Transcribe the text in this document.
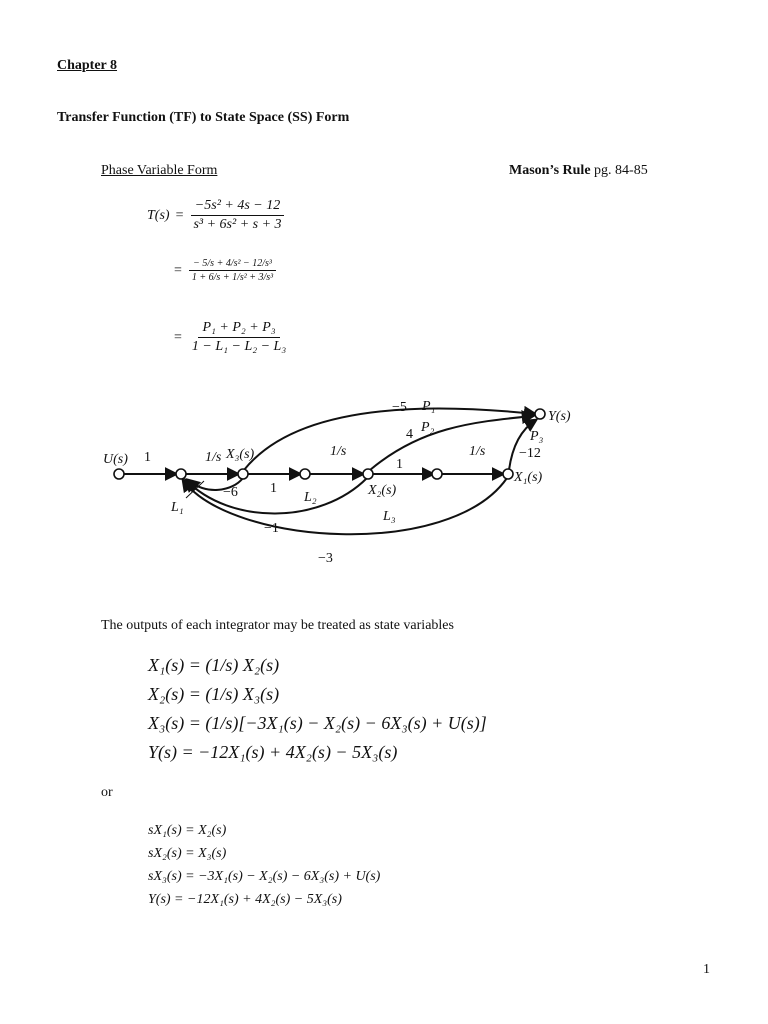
Chapter 8
Transfer Function (TF) to State Space (SS) Form
Phase Variable Form	Mason’s Rule pg. 84-85
$T(s) = \frac{\text{−5s² + 4s − 12}}{\text{s³ + 6s² + s + 3}}$
= $\frac{\text{− 5/s + 4/s² − 12/s³}}{\text{1 + 6/s + 1/s² + 3/s³}}$
= $\frac{\text{P₁ + P₂ + P₃}}{\text{1 − L₁ − L₂ − L₃}}$
U(s) 1	1/s X₃(s)
1
1/s
1
X₂(s)
1/s
X₁(s)
Y(s)
−5 P₁
4 P₂
P₃
−12
−6
L₁
L₂
−1
L₃
−3
The outputs of each integrator may be treated as state variables
X₁(s) = (1/s) X₂(s)
X₂(s) = (1/s) X₃(s)
X₃(s) = (1/s)[−3X₁(s) − X₂(s) − 6X₃(s) + U(s)]
Y(s) = −12X₁(s) + 4X₂(s) − 5X₃(s)
or
sX₁(s) = X₂(s)
sX₂(s) = X₃(s)
sX₃(s) = −3X₁(s) − X₂(s) − 6X₃(s) + U(s)
Y(s) = −12X₁(s) + 4X₂(s) − 5X₃(s)
1
